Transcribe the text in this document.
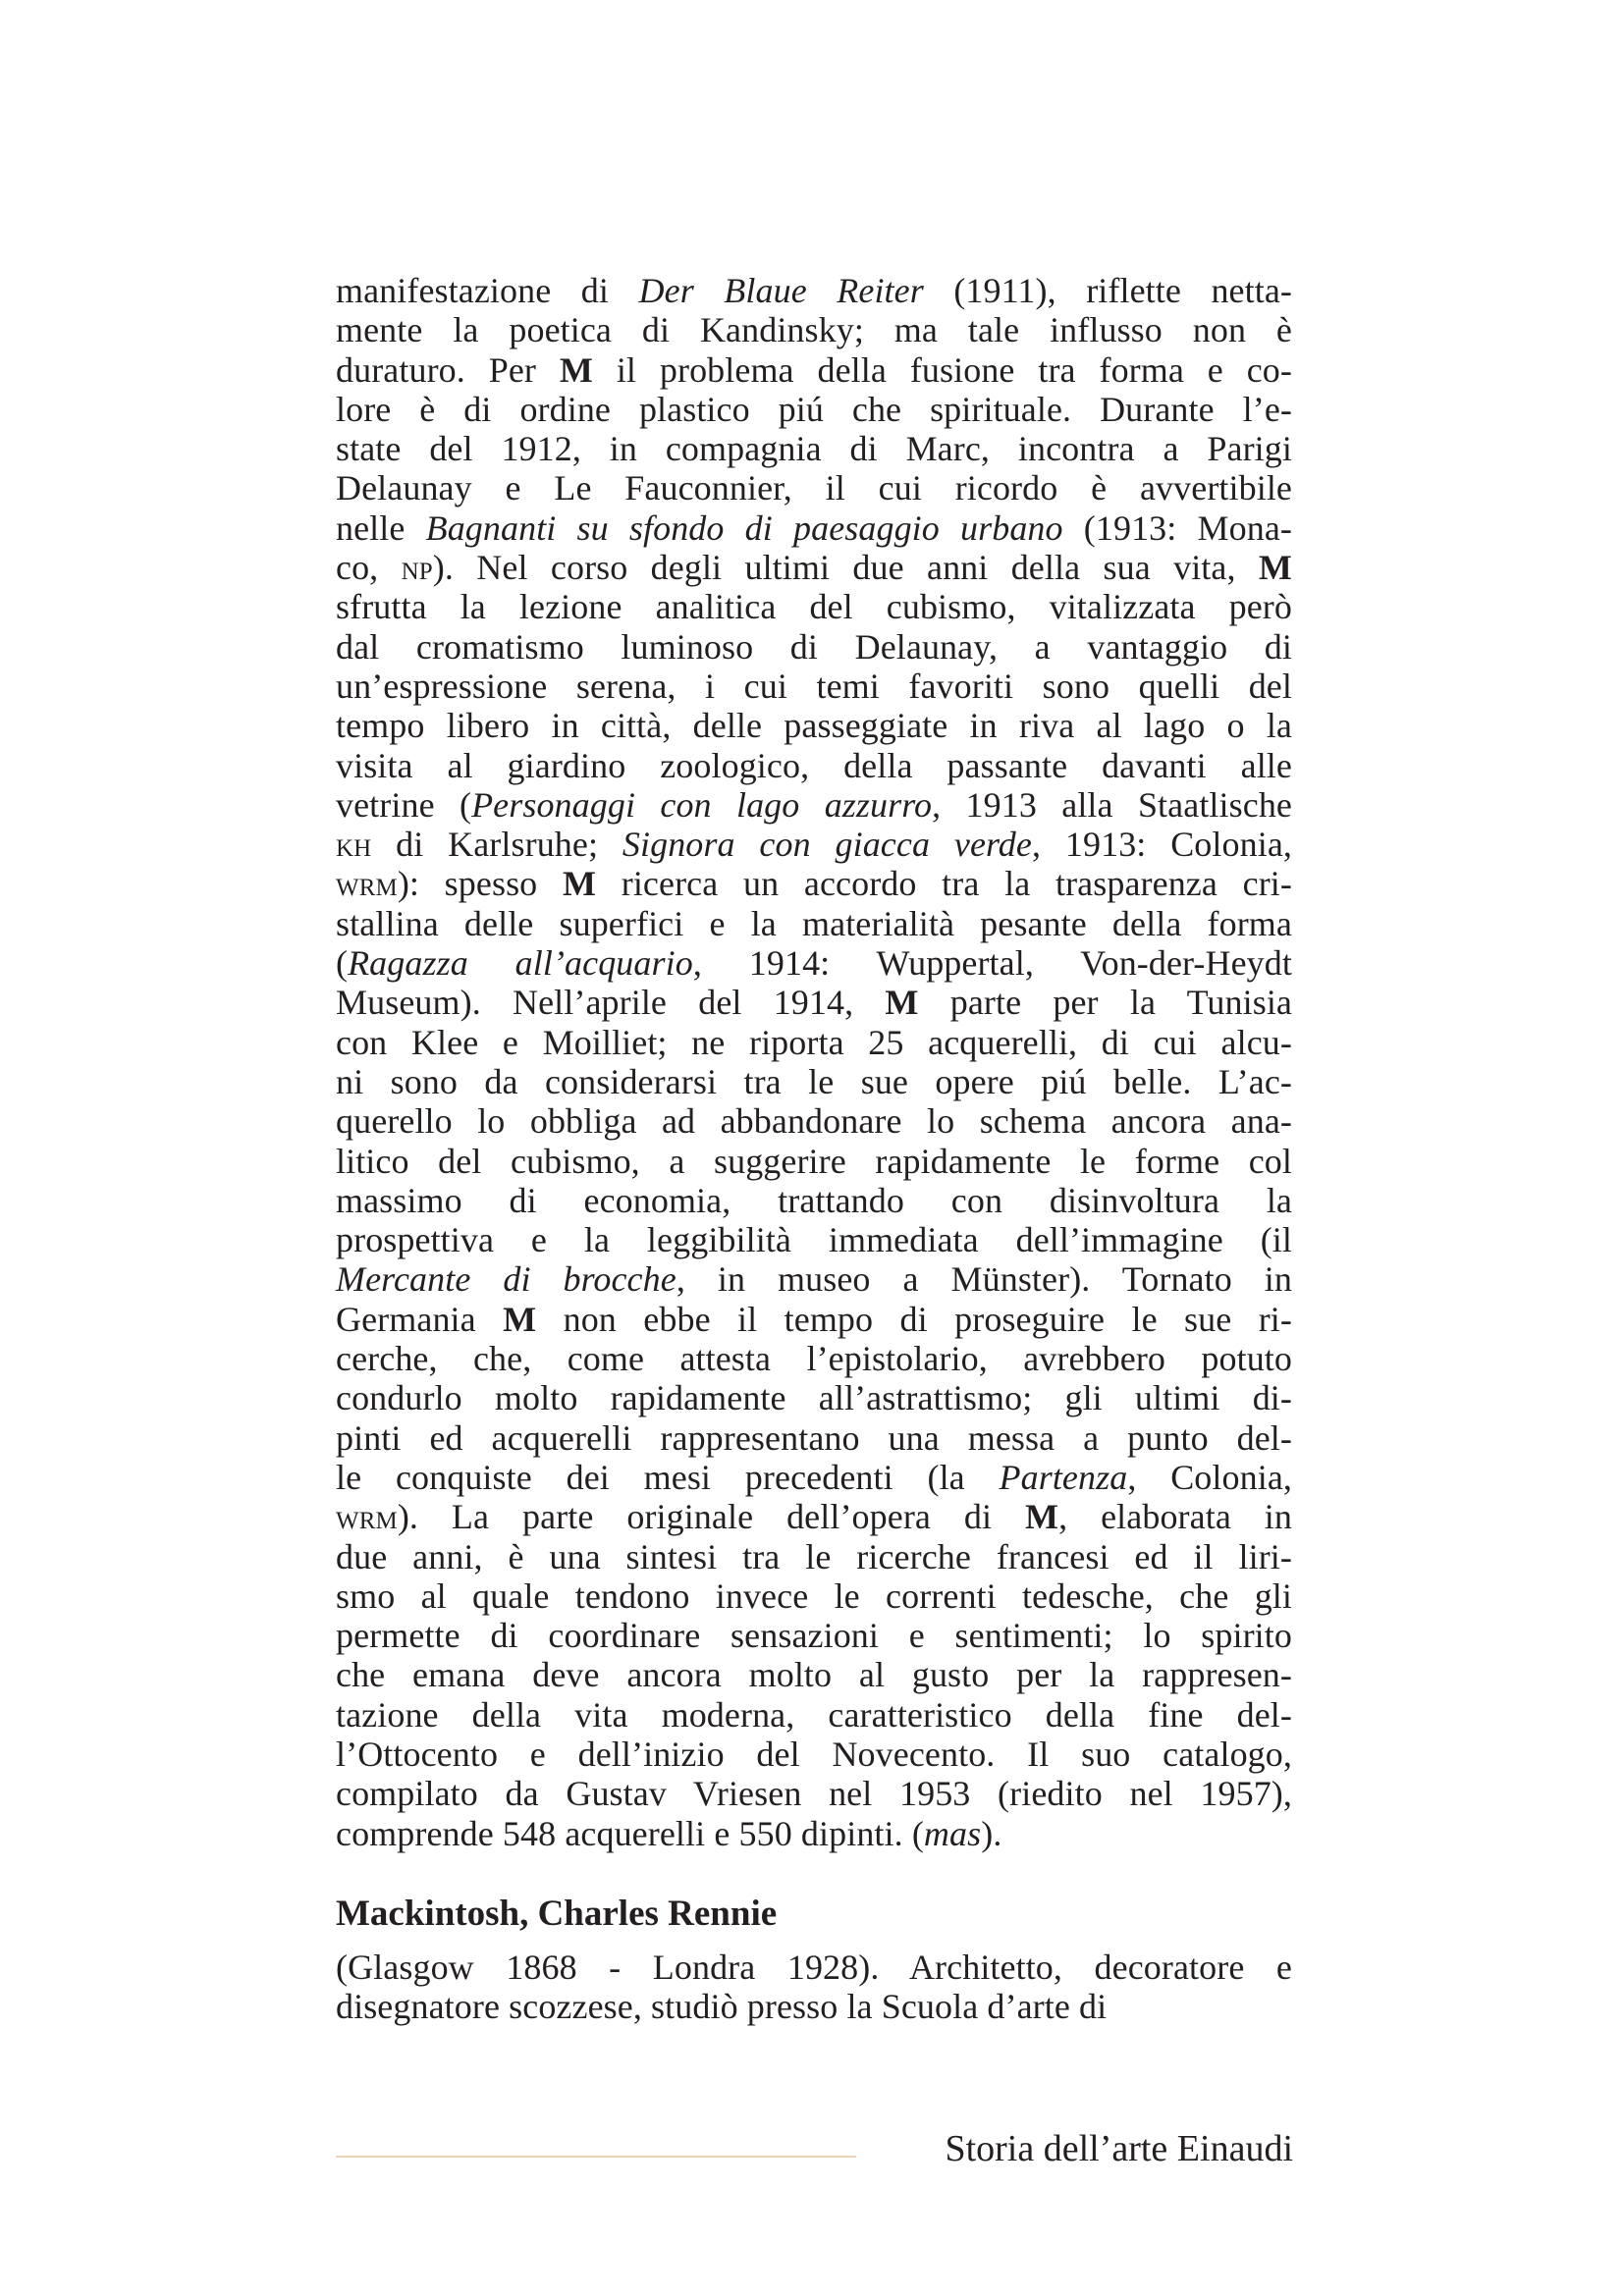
manifestazione di Der Blaue Reiter (1911), riflette netta-
mente la poetica di Kandinsky; ma tale influsso non è
duraturo. Per M il problema della fusione tra forma e co-
lore è di ordine plastico piú che spirituale. Durante l’e-
state del 1912, in compagnia di Marc, incontra a Parigi
Delaunay e Le Fauconnier, il cui ricordo è avvertibile
nelle Bagnanti su sfondo di paesaggio urbano (1913: Mona-
co, np). Nel corso degli ultimi due anni della sua vita, M
sfrutta la lezione analitica del cubismo, vitalizzata però
dal cromatismo luminoso di Delaunay, a vantaggio di
un’espressione serena, i cui temi favoriti sono quelli del
tempo libero in città, delle passeggiate in riva al lago o la
visita al giardino zoologico, della passante davanti alle
vetrine (Personaggi con lago azzurro, 1913 alla Staatlische
kh di Karlsruhe; Signora con giacca verde, 1913: Colonia,
wrm): spesso M ricerca un accordo tra la trasparenza cri-
stallina delle superfici e la materialità pesante della forma
(Ragazza all’acquario, 1914: Wuppertal, Von-der-Heydt
Museum). Nell’aprile del 1914, M parte per la Tunisia
con Klee e Moilliet; ne riporta 25 acquerelli, di cui alcu-
ni sono da considerarsi tra le sue opere piú belle. L’ac-
querello lo obbliga ad abbandonare lo schema ancora ana-
litico del cubismo, a suggerire rapidamente le forme col
massimo di economia, trattando con disinvoltura la
prospettiva e la leggibilità immediata dell’immagine (il
Mercante di brocche, in museo a Münster). Tornato in
Germania M non ebbe il tempo di proseguire le sue ri-
cerche, che, come attesta l’epistolario, avrebbero potuto
condurlo molto rapidamente all’astrattismo; gli ultimi di-
pinti ed acquerelli rappresentano una messa a punto del-
le conquiste dei mesi precedenti (la Partenza, Colonia,
wrm). La parte originale dell’opera di M, elaborata in
due anni, è una sintesi tra le ricerche francesi ed il liri-
smo al quale tendono invece le correnti tedesche, che gli
permette di coordinare sensazioni e sentimenti; lo spirito
che emana deve ancora molto al gusto per la rappresen-
tazione della vita moderna, caratteristico della fine del-
l’Ottocento e dell’inizio del Novecento. Il suo catalogo,
compilato da Gustav Vriesen nel 1953 (riedito nel 1957),
comprende 548 acquerelli e 550 dipinti. (mas).

Mackintosh, Charles Rennie

(Glasgow 1868 - Londra 1928). Architetto, decoratore e
disegnatore scozzese, studiò presso la Scuola d’arte di

Storia dell’arte Einaudi
